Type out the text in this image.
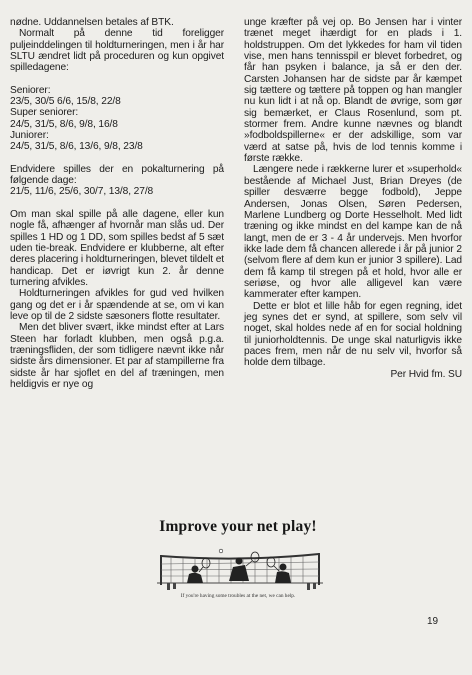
nødne. Uddannelsen betales af BTK.

Normalt på denne tid foreligger puljeinddelingen til holdturneringen, men i år har SLTU ændret lidt på proceduren og kun opgivet spilledagene:

Seniorer:
23/5, 30/5 6/6, 15/8, 22/8
Super seniorer:
24/5, 31/5, 8/6, 9/8, 16/8
Juniorer:
24/5, 31/5, 8/6, 13/6, 9/8, 23/8

Endvidere spilles der en pokalturnering på følgende dage:

21/5, 11/6, 25/6, 30/7, 13/8, 27/8

Om man skal spille på alle dagene, eller kun nogle få, afhænger af hvornår man slås ud. Der spilles 1 HD og 1 DD, som spilles bedst af 5 sæt uden tie-break. Endvidere er klubberne, alt efter deres placering i holdturneringen, blevet tildelt et handicap. Det er iøvrigt kun 2. år denne turnering afvikles.

Holdturneringen afvikles for gud ved hvilken gang og det er i år spændende at se, om vi kan leve op til de 2 sidste sæsoners flotte resultater.

Men det bliver svært, ikke mindst efter at Lars Steen har forladt klubben, men også p.g.a. træningsfliden, der som tidligere nævnt ikke når sidste års dimensioner. Et par af stampillerne fra sidste år har sjoflet en del af træningen, men heldigvis er nye og

unge kræfter på vej op. Bo Jensen har i vinter trænet meget ihærdigt for en plads i 1. holdstruppen. Om det lykkedes for ham vil tiden vise, men hans tennisspil er blevet forbedret, og får han psyken i balance, ja så er den der. Carsten Johansen har de sidste par år kæmpet sig tættere og tættere på toppen og han mangler nu kun lidt i at nå op. Blandt de øvrige, som gør sig bemærket, er Claus Rosenlund, som pt. stormer frem. Andre kunne nævnes og blandt »fodboldspillerne« er der adskillige, som var værd at satse på, hvis de lod tennis komme i første række.

Længere nede i rækkerne lurer et »superhold« bestående af Michael Just, Brian Dreyes (de spiller desværre begge fodbold), Jeppe Andersen, Jonas Olsen, Søren Pedersen, Marlene Lundberg og Dorte Hesselholt. Med lidt træning og ikke mindst en del kampe kan de nå langt, men de er 3 - 4 år undervejs. Men hvorfor ikke lade dem få chancen allerede i år på junior 2 (selvom flere af dem kun er junior 3 spillere). Lad dem få kamp til stregen på et hold, hvor alle er seriøse, og hvor alle alligevel kan være kammerater efter kampen.

Dette er blot et lille håb for egen regning, idet jeg synes det er synd, at spillere, som selv vil noget, skal holdes nede af en for social holdning til juniorholdtennis. De unge skal naturligvis ikke paces frem, men når de nu selv vil, hvorfor så holde dem tilbage.

Per Hvid fm. SU

Improve your net play!
If you're having some troubles at the net, we can help.
19
